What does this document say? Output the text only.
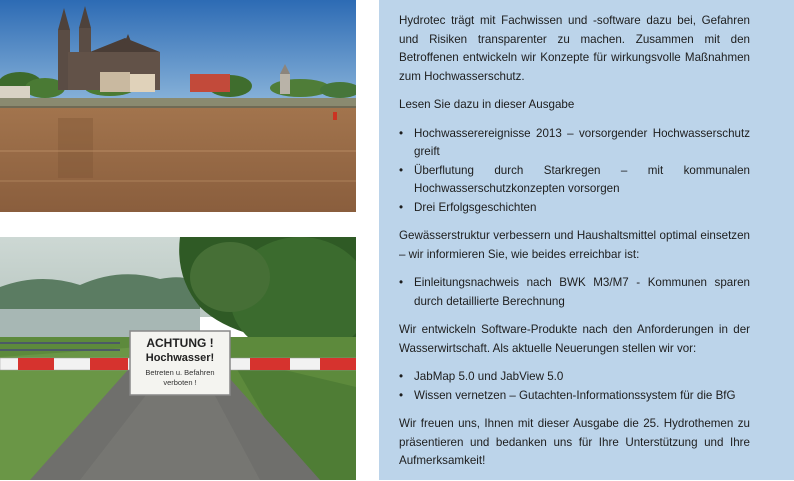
ACHTUNG !
Hochwasser!
Betreten u. Befahren
verboten !

Hydrotec trägt mit Fachwissen und -software dazu bei, Gefahren und Risiken transparenter zu machen. Zusammen mit den Betroffenen entwickeln wir Konzepte für wirkungsvolle Maßnahmen zum Hochwasserschutz.

Lesen Sie dazu in dieser Ausgabe

• Hochwasserereignisse 2013 – vorsorgender Hochwasserschutz greift
• Überflutung durch Starkregen – mit kommunalen Hochwasserschutzkonzepten vorsorgen
• Drei Erfolgsgeschichten

Gewässerstruktur verbessern und Haushaltsmittel optimal einsetzen – wir informieren Sie, wie beides erreichbar ist:

• Einleitungsnachweis nach BWK M3/M7 - Kommunen sparen durch detaillierte Berechnung

Wir entwickeln Software-Produkte nach den Anforderungen in der Wasserwirtschaft. Als aktuelle Neuerungen stellen wir vor:

• JabMap 5.0 und JabView 5.0
• Wissen vernetzen – Gutachten-Informationssystem für die BfG

Wir freuen uns, Ihnen mit dieser Ausgabe die 25. Hydrothemen zu präsentieren und bedanken uns für Ihre Unterstützung und Ihre Aufmerksamkeit!
